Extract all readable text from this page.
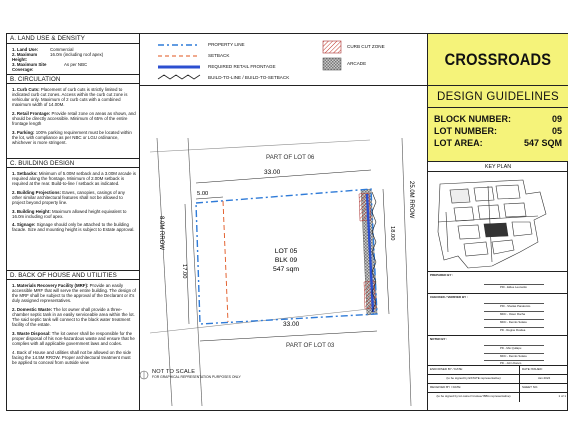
A. LAND USE & DENSITY
1. Land Use:	Commercial
2. Maximum Height:
16.0m (including roof apex)
3. Maximum Site Coverage:
As per NBC
B. CIRCULATION

1. Curb Cuts: Placement of curb cuts is strictly limited to indicated curb cut zones. Access within the curb cut zone is vehicular only. Maximum of 2 curb cuts with a combined maximum width of 14.00M.

2. Retail Frontage: Provide retail zone on areas as shown, and should be directly accessible. Minimum of 65% of the entire frontage length

3. Parking: 100% parking requirement must be located within the lot, with compliance as per NBC or LGU ordinance, whichever is more stringent.

C. BUILDING DESIGN

1. Setbacks: Minimum of 5.00M setback and a 3.00M arcade is required along the frontage. Minimum of 2.00M setback is required at the rear. Build-to-line / setback as indicated.

2. Building Projections: Eaves, canopies, casings of any other similar architectural features shall not be allowed to project beyond property line.

3. Building Height: Maximum allowed height equivalent to 16.0m including roof apex.

4. Signage: Signage should only be attached to the building facade. Size and mounting height is subject to Estate approval.

D. BACK OF HOUSE AND UTILITIES

1. Materials Recovery Facility (MRF): Provide an easily accessible MRF that will serve the entire building. The design of the MRF shall be subject to the approval of the Declarant or it's duly assigned representatives.

2. Domestic Waste: The lot owner shall provide a three-chamber septic tank in an easily serviceable area within the lot. The said septic tank will connect to the black water treatment facility of the estate.

3. Waste Disposal: The lot owner shall be responsible for the proper disposal of his non-hazardous waste and ensure that he complies with all applicable government laws and codes.

4. Back of House and utilities shall not be allowed on the side facing the 14.5M RROW. Proper architectural treatment must be applied to conceal from outside view

PROPERTY LINE
SETBACK
REQUIRED RETAIL FRONTAGE
BUILD-TO-LINE / BUILD-TO-SETBACK
CURB CUT ZONE
ARCADE
33.00
33.00
5.00
17.00
18.00
PART OF LOT 06
PART OF LOT 03
8.0M RROW
25.0M RROW
LOT 05
BLK 09
547 sqm
NOT TO SCALE
FOR GRAPHICAL REPRESENTATION PURPOSES ONLY
CROSSROADS
DESIGN GUIDELINES
BLOCK NUMBER:	09
LOT NUMBER:	05
LOT AREA:	547 SQM
KEY PLAN
PREPARED BY :
PID - Eldee Leonardo
CHECKED / VERIFIED BY :
PID - Sheilas Panalonito
MDC - Owen Rocha
MDC - Dennis Solace
PD - Regine Rosilea
NOTED BY :
PD - Mio Quilapu
MDC - Dennis Solace
PD - John Danco
ENDORSED BY / DATE:	DATE ISSUED:
(to be signed by ESTATE representative)	Jan 2024
RECEIVED BY / DATE:	SHEET NO.
(to be signed by lot owner/ trustee/ BBG representative)	1 of 1
